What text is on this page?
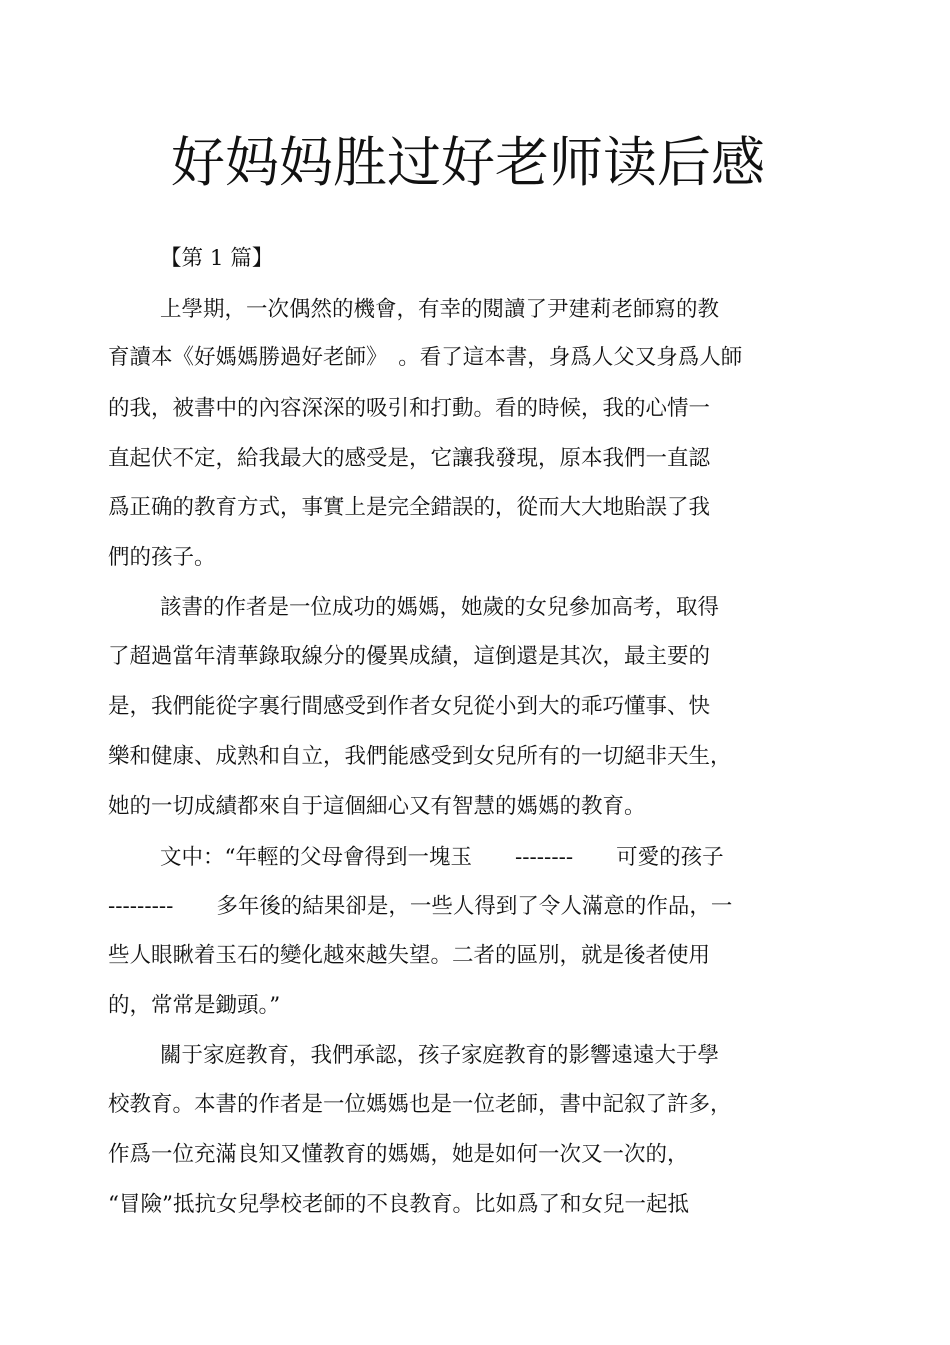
好妈妈胜过好老师读后感

【第 1 篇】

上學期，一次偶然的機會，有幸的閱讀了尹建莉老師寫的教

育讀本《好媽媽勝過好老師》　。看了這本書，身爲人父又身爲人師

的我，被書中的內容深深的吸引和打動。看的時候，我的心情一

直起伏不定，給我最大的感受是，它讓我發現，原本我們一直認

爲正确的教育方式，事實上是完全錯誤的，從而大大地貽誤了我

們的孩子。

該書的作者是一位成功的媽媽，她歲的女兒參加高考，取得

了超過當年清華錄取線分的優異成績，這倒還是其次，最主要的

是，我們能從字裏行間感受到作者女兒從小到大的乖巧懂事、快

樂和健康、成熟和自立，我們能感受到女兒所有的一切絕非天生，

她的一切成績都來自于這個細心又有智慧的媽媽的教育。

文中：“年輕的父母會得到一塊玉　　--------　　可愛的孩子

---------　　多年後的結果卻是，一些人得到了令人滿意的作品，一

些人眼瞅着玉石的變化越來越失望。二者的區別，就是後者使用

的，常常是鋤頭。”

關于家庭教育，我們承認，孩子家庭教育的影響遠遠大于學

校教育。本書的作者是一位媽媽也是一位老師，書中記叙了許多，

作爲一位充滿良知又懂教育的媽媽，她是如何一次又一次的，

“冒險”抵抗女兒學校老師的不良教育。比如爲了和女兒一起抵
